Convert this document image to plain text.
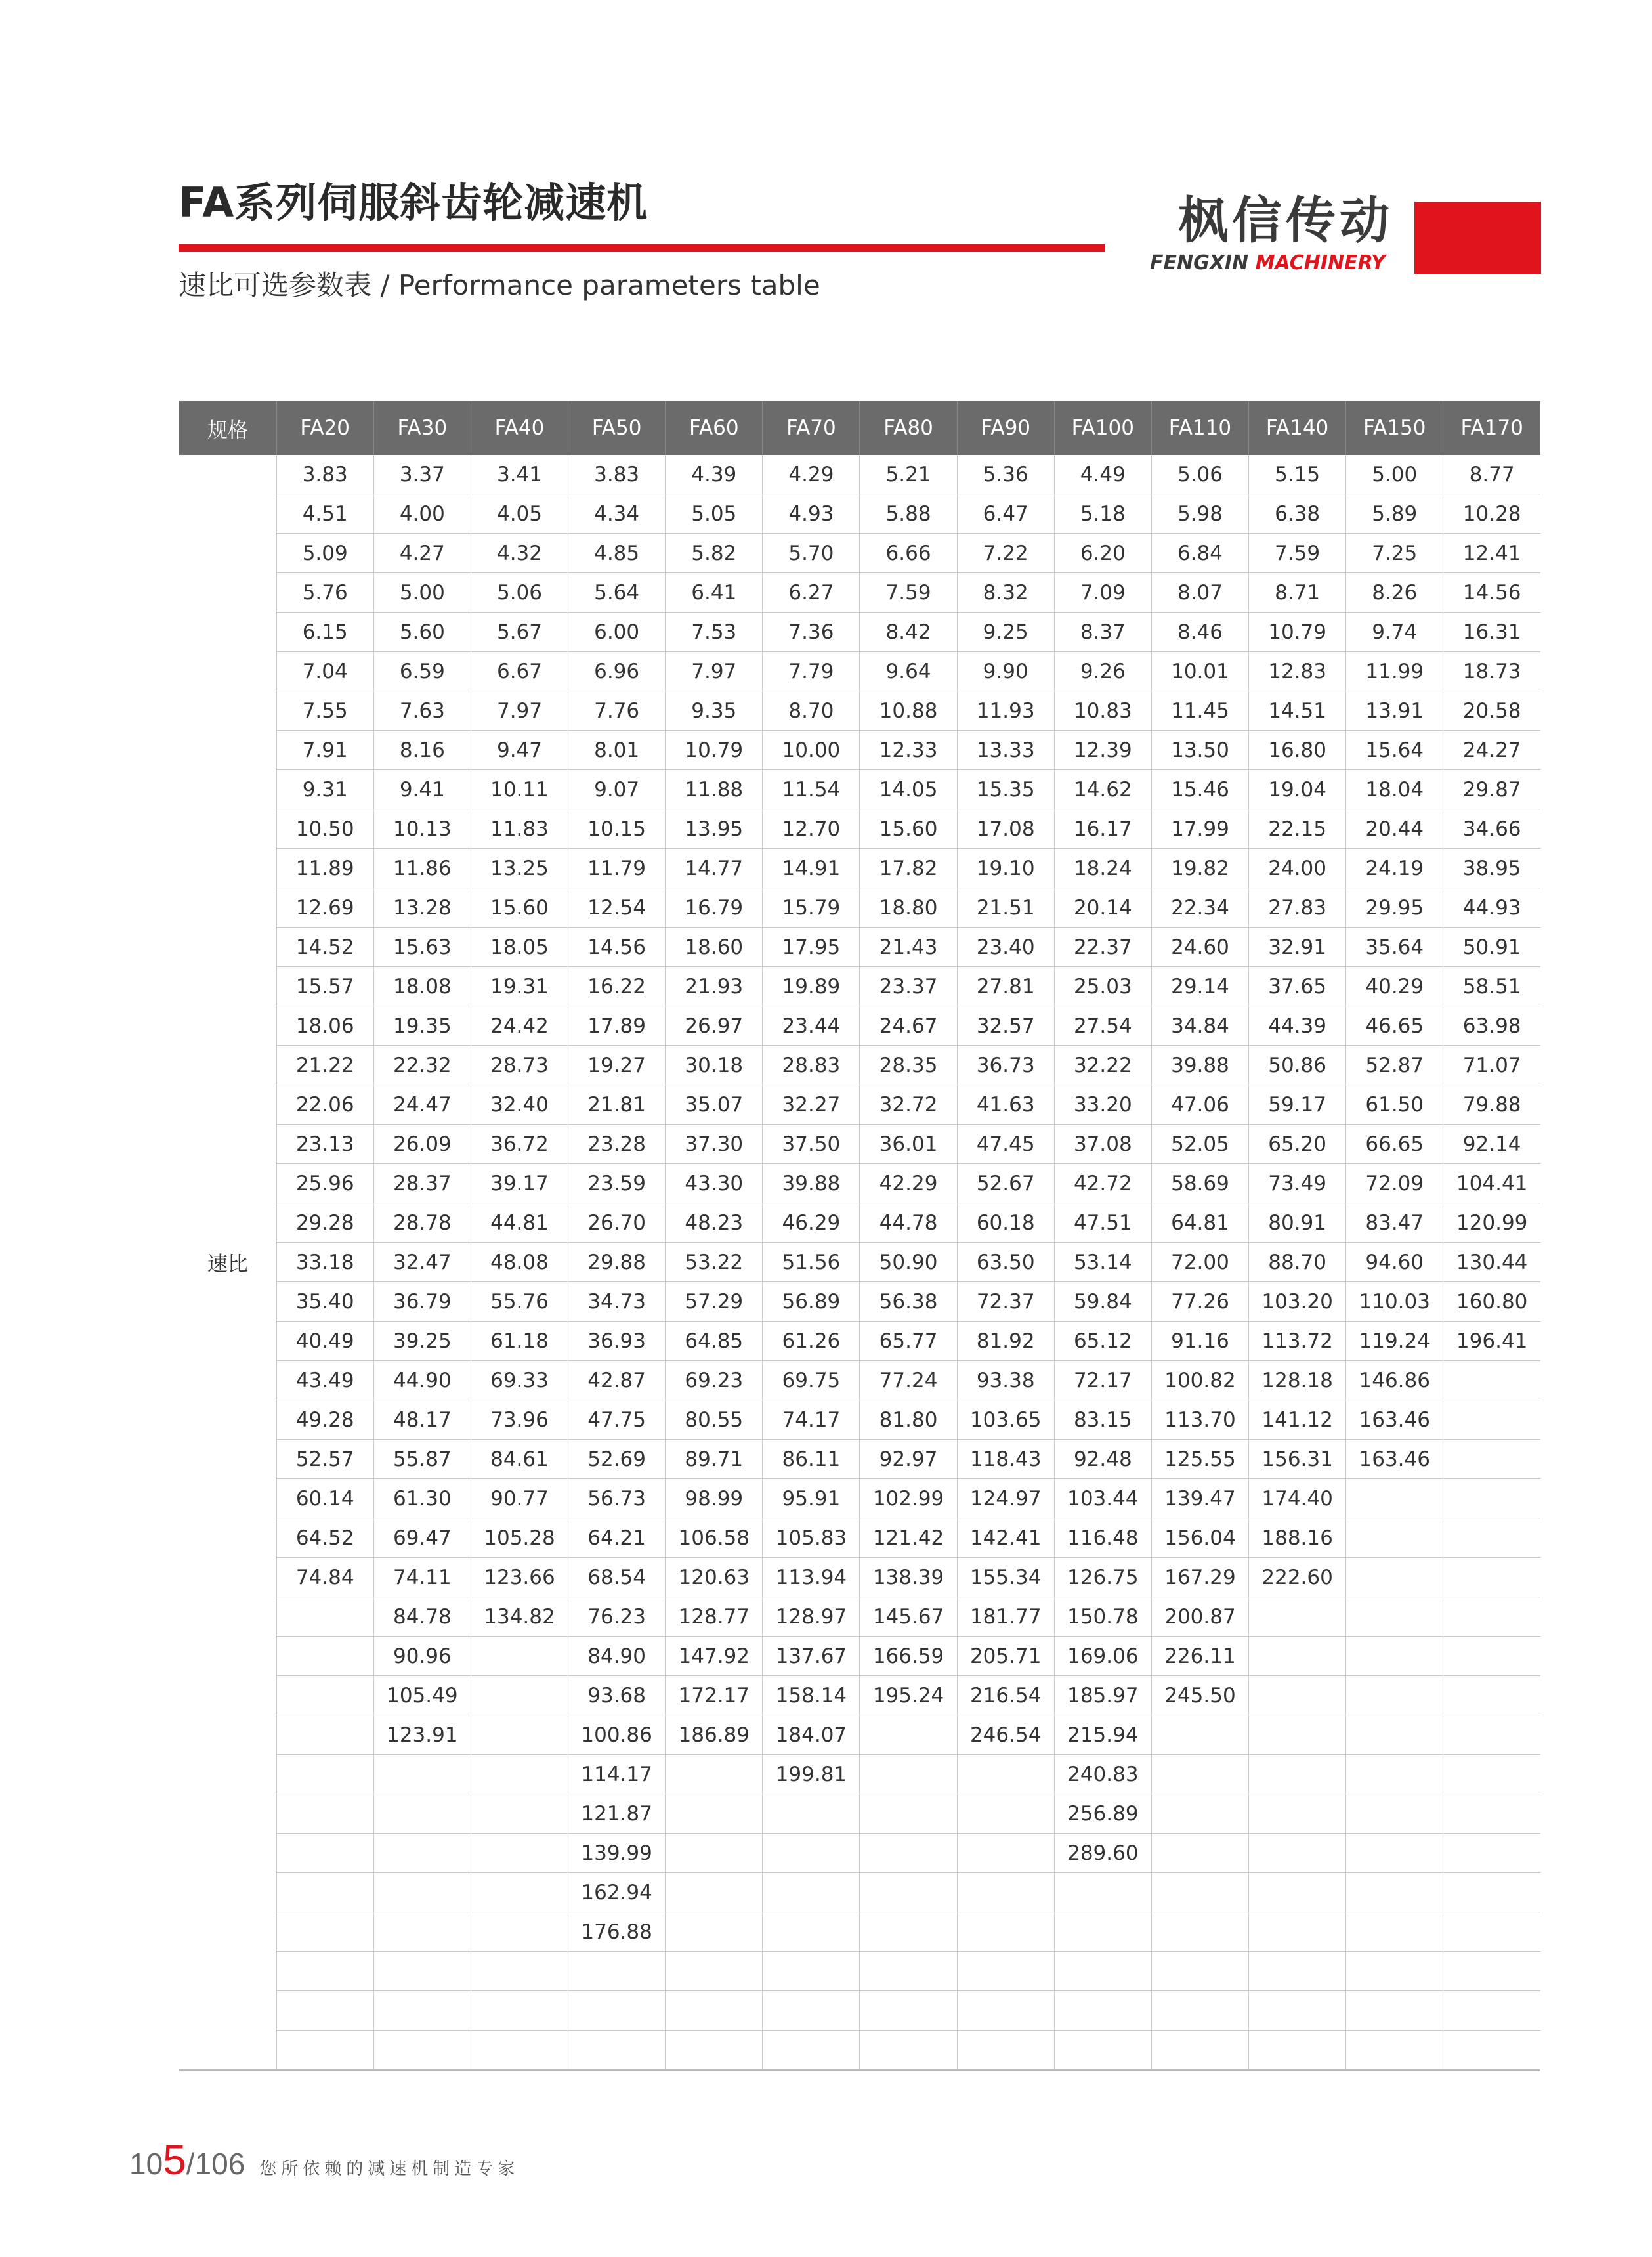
FA系列伺服斜齿轮减速机
速比可选参数表 / Performance parameters table
枫信传动
FENGXIN MACHINERY
规格	FA20	FA30	FA40	FA50	FA60	FA70	FA80	FA90	FA100	FA110	FA140	FA150	FA170
速比	3.83	3.37	3.41	3.83	4.39	4.29	5.21	5.36	4.49	5.06	5.15	5.00	8.77
	4.51	4.00	4.05	4.34	5.05	4.93	5.88	6.47	5.18	5.98	6.38	5.89	10.28
	5.09	4.27	4.32	4.85	5.82	5.70	6.66	7.22	6.20	6.84	7.59	7.25	12.41
	5.76	5.00	5.06	5.64	6.41	6.27	7.59	8.32	7.09	8.07	8.71	8.26	14.56
	6.15	5.60	5.67	6.00	7.53	7.36	8.42	9.25	8.37	8.46	10.79	9.74	16.31
	7.04	6.59	6.67	6.96	7.97	7.79	9.64	9.90	9.26	10.01	12.83	11.99	18.73
	7.55	7.63	7.97	7.76	9.35	8.70	10.88	11.93	10.83	11.45	14.51	13.91	20.58
	7.91	8.16	9.47	8.01	10.79	10.00	12.33	13.33	12.39	13.50	16.80	15.64	24.27
	9.31	9.41	10.11	9.07	11.88	11.54	14.05	15.35	14.62	15.46	19.04	18.04	29.87
	10.50	10.13	11.83	10.15	13.95	12.70	15.60	17.08	16.17	17.99	22.15	20.44	34.66
	11.89	11.86	13.25	11.79	14.77	14.91	17.82	19.10	18.24	19.82	24.00	24.19	38.95
	12.69	13.28	15.60	12.54	16.79	15.79	18.80	21.51	20.14	22.34	27.83	29.95	44.93
	14.52	15.63	18.05	14.56	18.60	17.95	21.43	23.40	22.37	24.60	32.91	35.64	50.91
	15.57	18.08	19.31	16.22	21.93	19.89	23.37	27.81	25.03	29.14	37.65	40.29	58.51
	18.06	19.35	24.42	17.89	26.97	23.44	24.67	32.57	27.54	34.84	44.39	46.65	63.98
	21.22	22.32	28.73	19.27	30.18	28.83	28.35	36.73	32.22	39.88	50.86	52.87	71.07
	22.06	24.47	32.40	21.81	35.07	32.27	32.72	41.63	33.20	47.06	59.17	61.50	79.88
	23.13	26.09	36.72	23.28	37.30	37.50	36.01	47.45	37.08	52.05	65.20	66.65	92.14
	25.96	28.37	39.17	23.59	43.30	39.88	42.29	52.67	42.72	58.69	73.49	72.09	104.41
	29.28	28.78	44.81	26.70	48.23	46.29	44.78	60.18	47.51	64.81	80.91	83.47	120.99
	33.18	32.47	48.08	29.88	53.22	51.56	50.90	63.50	53.14	72.00	88.70	94.60	130.44
	35.40	36.79	55.76	34.73	57.29	56.89	56.38	72.37	59.84	77.26	103.20	110.03	160.80
	40.49	39.25	61.18	36.93	64.85	61.26	65.77	81.92	65.12	91.16	113.72	119.24	196.41
	43.49	44.90	69.33	42.87	69.23	69.75	77.24	93.38	72.17	100.82	128.18	146.86	
	49.28	48.17	73.96	47.75	80.55	74.17	81.80	103.65	83.15	113.70	141.12	163.46	
	52.57	55.87	84.61	52.69	89.71	86.11	92.97	118.43	92.48	125.55	156.31	163.46	
	60.14	61.30	90.77	56.73	98.99	95.91	102.99	124.97	103.44	139.47	174.40		
	64.52	69.47	105.28	64.21	106.58	105.83	121.42	142.41	116.48	156.04	188.16		
	74.84	74.11	123.66	68.54	120.63	113.94	138.39	155.34	126.75	167.29	222.60		
		84.78	134.82	76.23	128.77	128.97	145.67	181.77	150.78	200.87			
		90.96		84.90	147.92	137.67	166.59	205.71	169.06	226.11			
		105.49		93.68	172.17	158.14	195.24	216.54	185.97	245.50			
		123.91		100.86	186.89	184.07		246.54	215.94				
				114.17		199.81			240.83				
				121.87					256.89				
				139.99					289.60				
				162.94									
				176.88									

105/106 您所依赖的减速机制造专家
